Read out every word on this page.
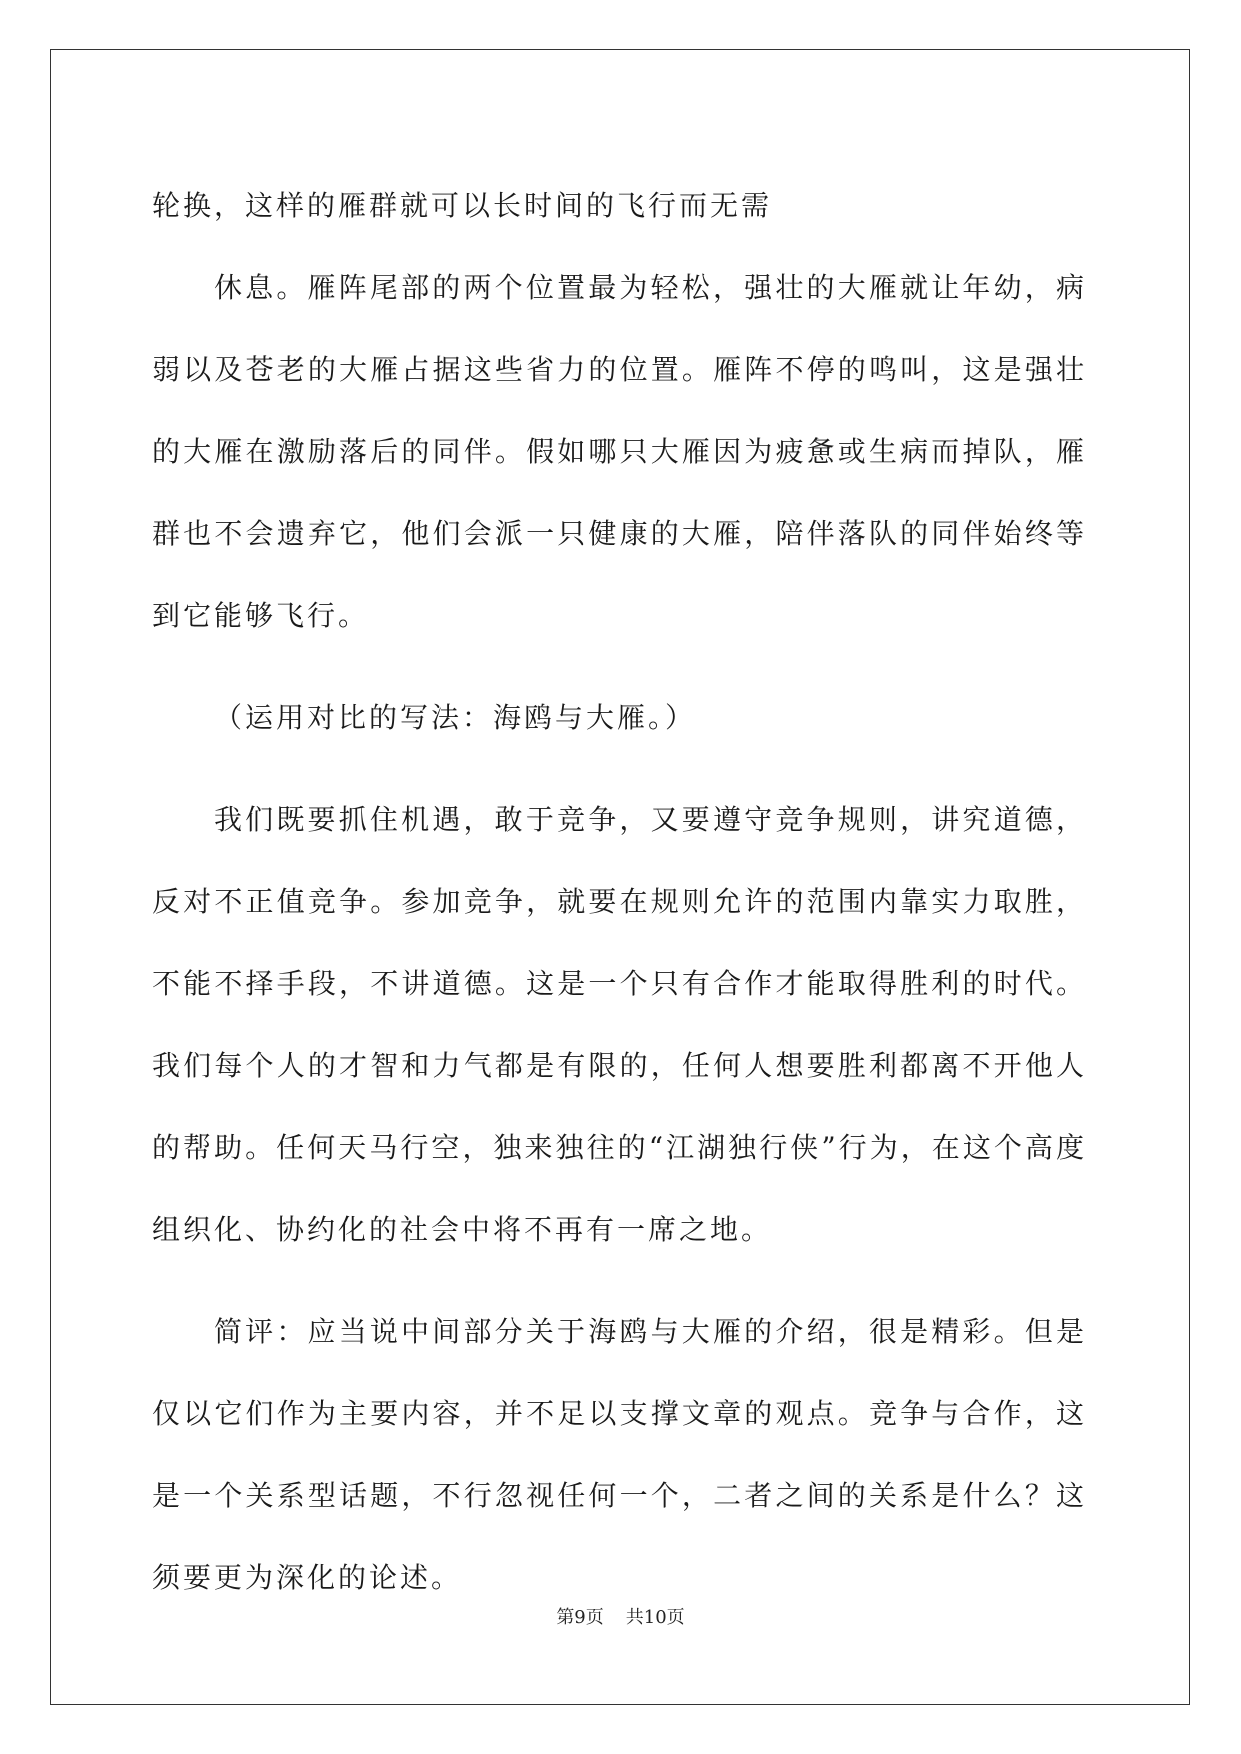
轮换，这样的雁群就可以长时间的飞行而无需

休息。雁阵尾部的两个位置最为轻松，强壮的大雁就让年幼，病弱以及苍老的大雁占据这些省力的位置。雁阵不停的鸣叫，这是强壮的大雁在激励落后的同伴。假如哪只大雁因为疲惫或生病而掉队，雁群也不会遗弃它，他们会派一只健康的大雁，陪伴落队的同伴始终等到它能够飞行。

（运用对比的写法：海鸥与大雁。）

我们既要抓住机遇，敢于竞争，又要遵守竞争规则，讲究道德，反对不正值竞争。参加竞争，就要在规则允许的范围内靠实力取胜，不能不择手段，不讲道德。这是一个只有合作才能取得胜利的时代。我们每个人的才智和力气都是有限的，任何人想要胜利都离不开他人的帮助。任何天马行空，独来独往的“江湖独行侠”行为，在这个高度组织化、协约化的社会中将不再有一席之地。

简评：应当说中间部分关于海鸥与大雁的介绍，很是精彩。但是仅以它们作为主要内容，并不足以支撑文章的观点。竞争与合作，这是一个关系型话题，不行忽视任何一个，二者之间的关系是什么？这须要更为深化的论述。

第9页 共10页
